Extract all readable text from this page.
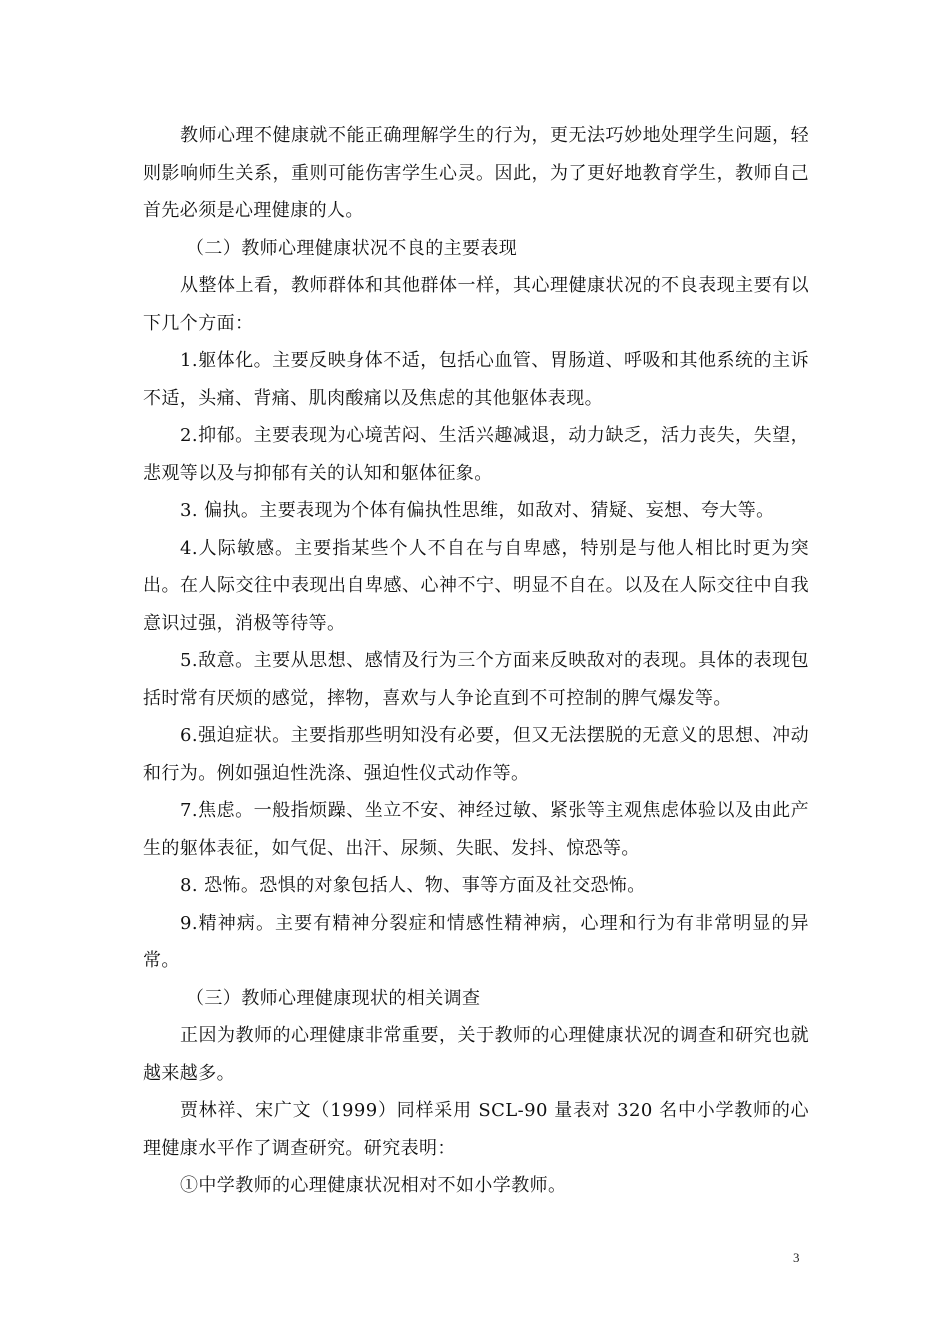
教师心理不健康就不能正确理解学生的行为，更无法巧妙地处理学生问题，轻则影响师生关系，重则可能伤害学生心灵。因此，为了更好地教育学生，教师自己首先必须是心理健康的人。

（二）教师心理健康状况不良的主要表现

从整体上看，教师群体和其他群体一样，其心理健康状况的不良表现主要有以下几个方面：

1.躯体化。主要反映身体不适，包括心血管、胃肠道、呼吸和其他系统的主诉不适，头痛、背痛、肌肉酸痛以及焦虑的其他躯体表现。

2.抑郁。主要表现为心境苦闷、生活兴趣减退，动力缺乏，活力丧失，失望，悲观等以及与抑郁有关的认知和躯体征象。

3. 偏执。主要表现为个体有偏执性思维，如敌对、猜疑、妄想、夸大等。

4.人际敏感。主要指某些个人不自在与自卑感，特别是与他人相比时更为突出。在人际交往中表现出自卑感、心神不宁、明显不自在。以及在人际交往中自我意识过强，消极等待等。

5.敌意。主要从思想、感情及行为三个方面来反映敌对的表现。具体的表现包括时常有厌烦的感觉，摔物，喜欢与人争论直到不可控制的脾气爆发等。

6.强迫症状。主要指那些明知没有必要，但又无法摆脱的无意义的思想、冲动和行为。例如强迫性洗涤、强迫性仪式动作等。

7.焦虑。一般指烦躁、坐立不安、神经过敏、紧张等主观焦虑体验以及由此产生的躯体表征，如气促、出汗、尿频、失眠、发抖、惊恐等。

8. 恐怖。恐惧的对象包括人、物、事等方面及社交恐怖。

9.精神病。主要有精神分裂症和情感性精神病，心理和行为有非常明显的异常。

（三）教师心理健康现状的相关调查

正因为教师的心理健康非常重要，关于教师的心理健康状况的调查和研究也就越来越多。

贾林祥、宋广文（1999）同样采用 SCL-90 量表对 320 名中小学教师的心理健康水平作了调查研究。研究表明：

①中学教师的心理健康状况相对不如小学教师。

3
